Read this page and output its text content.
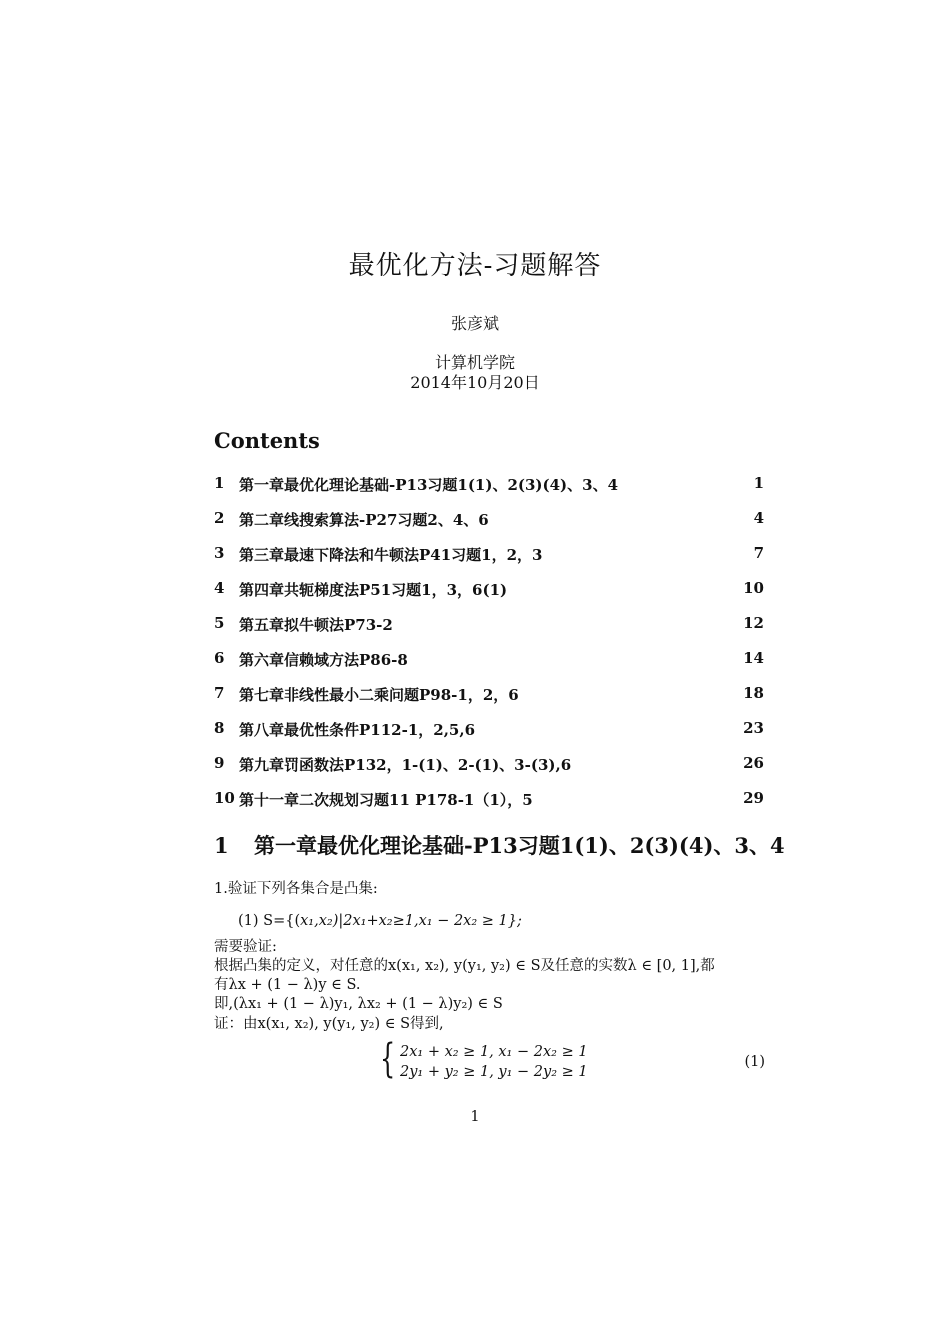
最优化方法-习题解答
张彦斌
计算机学院
2014年10月20日
Contents
1 第一章最优化理论基础-P13习题1(1)、2(3)(4)、3、4	1
2 第二章线搜索算法-P27习题2、4、6	4
3 第三章最速下降法和牛顿法P41习题1，2，3	7
4 第四章共轭梯度法P51习题1，3，6(1)	10
5 第五章拟牛顿法P73-2	12
6 第六章信赖域方法P86-8	14
7 第七章非线性最小二乘问题P98-1，2，6	18
8 第八章最优性条件P112-1，2,5,6	23
9 第九章罚函数法P132，1-(1)、2-(1)、3-(3),6	26
10 第十一章二次规划习题11 P178-1（1），5	29
1 第一章最优化理论基础-P13习题1(1)、2(3)(4)、3、4
1.验证下列各集合是凸集:
(1) S={(x₁,x₂)|2x₁+x₂≥1,x₁ − 2x₂ ≥ 1};
需要验证:
根据凸集的定义，对任意的x(x₁, x₂), y(y₁, y₂) ∈ S及任意的实数λ ∈ [0, 1],都
有λx + (1 − λ)y ∈ S.
即,(λx₁ + (1 − λ)y₁, λx₂ + (1 − λ)y₂) ∈ S
证：由x(x₁, x₂), y(y₁, y₂) ∈ S得到,
{ 2x₁ + x₂ ≥ 1, x₁ − 2x₂ ≥ 1
2y₁ + y₂ ≥ 1, y₁ − 2y₂ ≥ 1
(1)
1
